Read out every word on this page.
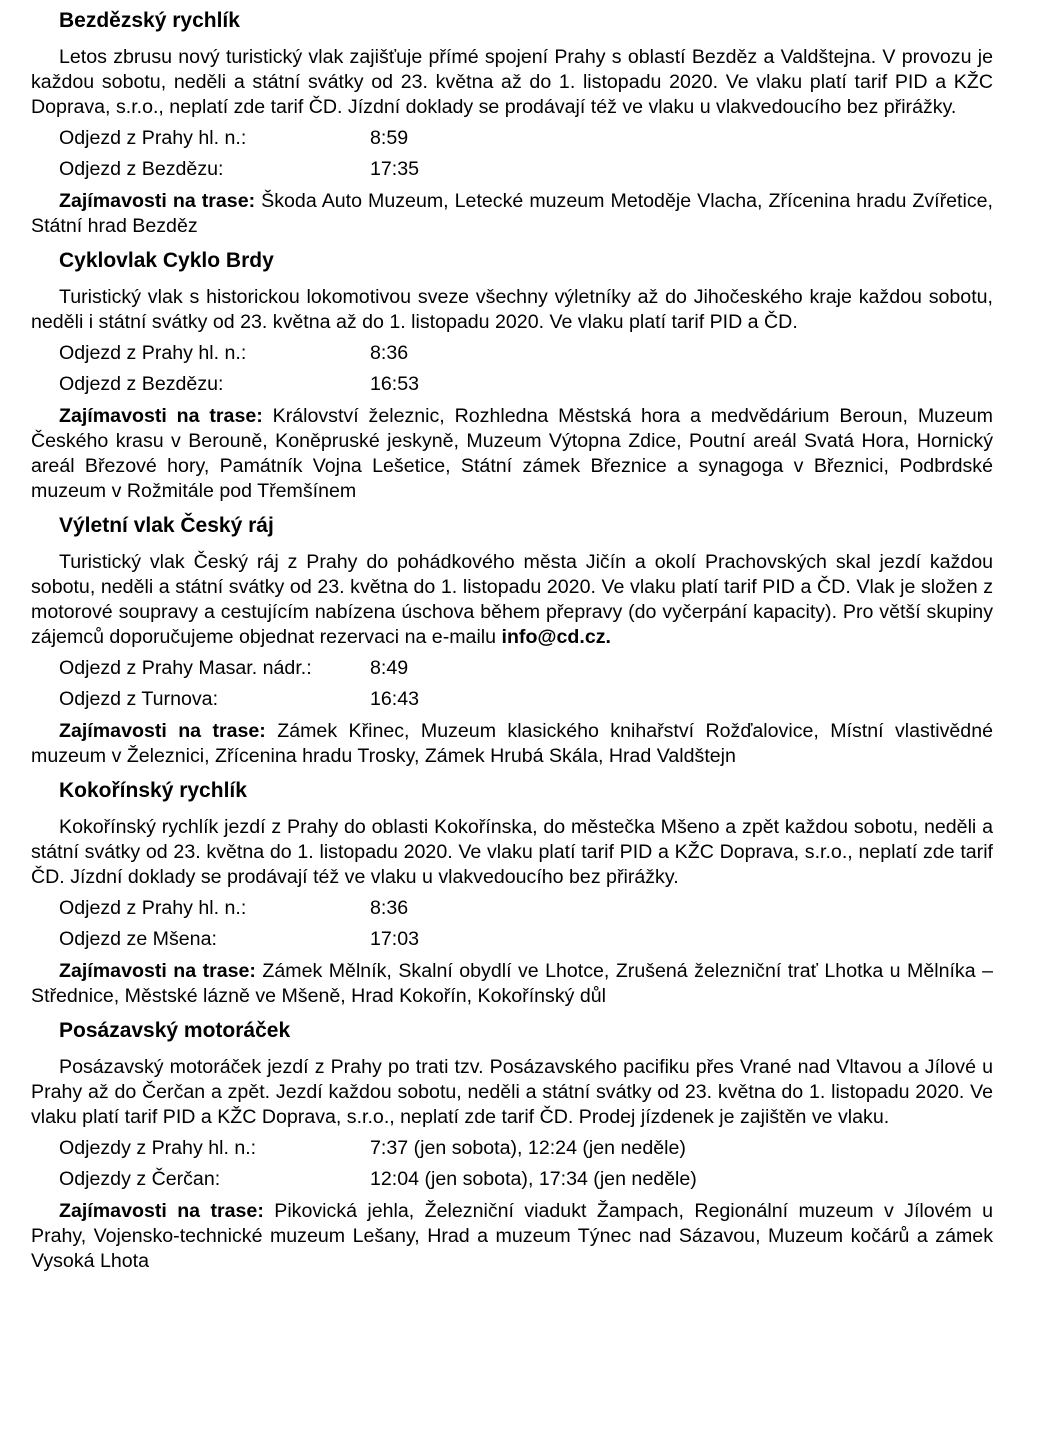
Bezdězský rychlík

Letos zbrusu nový turistický vlak zajišťuje přímé spojení Prahy s oblastí Bezděz a Valdštejna. V provozu je každou sobotu, neděli a státní svátky od 23. května až do 1. listopadu 2020. Ve vlaku platí tarif PID a KŽC Doprava, s.r.o., neplatí zde tarif ČD. Jízdní doklady se prodávají též ve vlaku u vlakvedoucího bez přirážky.

Odjezd z Prahy hl. n.:	8:59
Odjezd z Bezdězu:	17:35

Zajímavosti na trase: Škoda Auto Muzeum, Letecké muzeum Metoděje Vlacha, Zřícenina hradu Zvířetice, Státní hrad Bezděz

Cyklovlak Cyklo Brdy

Turistický vlak s historickou lokomotivou sveze všechny výletníky až do Jihočeského kraje každou sobotu, neděli i státní svátky od 23. května až do 1. listopadu 2020. Ve vlaku platí tarif PID a ČD.

Odjezd z Prahy hl. n.:	8:36
Odjezd z Bezdězu:	16:53

Zajímavosti na trase: Království železnic, Rozhledna Městská hora a medvědárium Beroun, Muzeum Českého krasu v Berouně, Koněpruské jeskyně, Muzeum Výtopna Zdice, Poutní areál Svatá Hora, Hornický areál Březové hory, Památník Vojna Lešetice, Státní zámek Březnice a synagoga v Březnici, Podbrdské muzeum v Rožmitále pod Třemšínem

Výletní vlak Český ráj

Turistický vlak Český ráj z Prahy do pohádkového města Jičín a okolí Prachovských skal jezdí každou sobotu, neděli a státní svátky od 23. května do 1. listopadu 2020. Ve vlaku platí tarif PID a ČD. Vlak je složen z motorové soupravy a cestujícím nabízena úschova během přepravy (do vyčerpání kapacity). Pro větší skupiny zájemců doporučujeme objednat rezervaci na e-mailu info@cd.cz.

Odjezd z Prahy Masar. nádr.:	8:49
Odjezd z Turnova:	16:43

Zajímavosti na trase: Zámek Křinec, Muzeum klasického knihařství Rožďalovice, Místní vlastivědné muzeum v Železnici, Zřícenina hradu Trosky, Zámek Hrubá Skála, Hrad Valdštejn

Kokořínský rychlík

Kokořínský rychlík jezdí z Prahy do oblasti Kokořínska, do městečka Mšeno a zpět každou sobotu, neděli a státní svátky od 23. května do 1. listopadu 2020. Ve vlaku platí tarif PID a KŽC Doprava, s.r.o., neplatí zde tarif ČD. Jízdní doklady se prodávají též ve vlaku u vlakvedoucího bez přirážky.

Odjezd z Prahy hl. n.:	8:36
Odjezd ze Mšena:	17:03

Zajímavosti na trase: Zámek Mělník, Skalní obydlí ve Lhotce, Zrušená železniční trať Lhotka u Mělníka – Střednice, Městské lázně ve Mšeně, Hrad Kokořín, Kokořínský důl

Posázavský motoráček

Posázavský motoráček jezdí z Prahy po trati tzv. Posázavského pacifiku přes Vrané nad Vltavou a Jílové u Prahy až do Čerčan a zpět. Jezdí každou sobotu, neděli a státní svátky od 23. května do 1. listopadu 2020. Ve vlaku platí tarif PID a KŽC Doprava, s.r.o., neplatí zde tarif ČD. Prodej jízdenek je zajištěn ve vlaku.

Odjezdy z Prahy hl. n.:	7:37 (jen sobota), 12:24 (jen neděle)
Odjezdy z Čerčan:	12:04 (jen sobota), 17:34 (jen neděle)

Zajímavosti na trase: Pikovická jehla, Železniční viadukt Žampach, Regionální muzeum v Jílovém u Prahy, Vojensko-technické muzeum Lešany, Hrad a muzeum Týnec nad Sázavou, Muzeum kočárů a zámek Vysoká Lhota
